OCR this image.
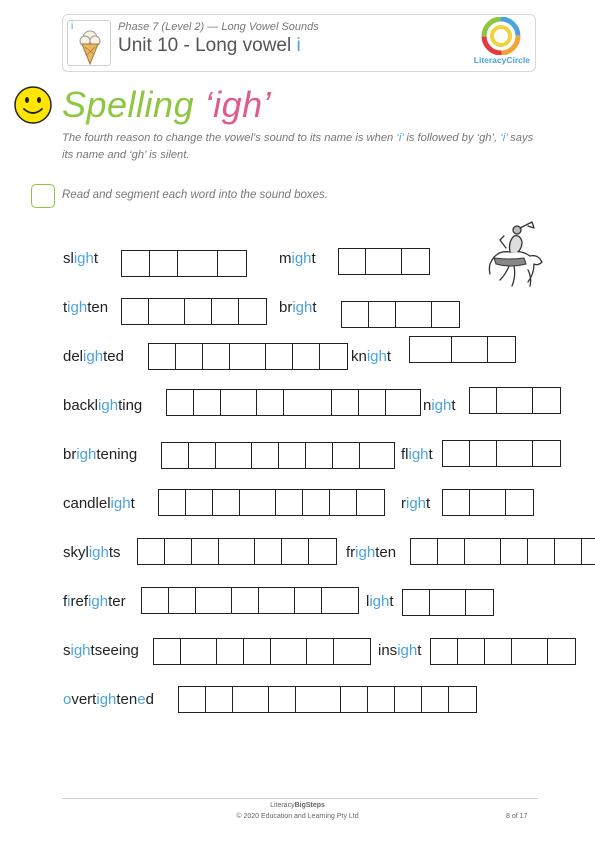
i	Phase 7 (Level 2) — Long Vowel Sounds
Unit 10 - Long vowel i
LiteracyCircle
Spelling ‘igh’
The fourth reason to change the vowel’s sound to its name is when ‘i’ is followed by ‘gh’, ‘i’ says its name and ‘gh’ is silent.
Read and segment each word into the sound boxes.
slight	might
tighten	bright
delighted	knight
backlighting	night
brightening	flight
candlelight	right
skylights	frighten
firefighter	light
sightseeing	insight
overtightened
LiteracyBigSteps
© 2020 Education and Learning Pty Ltd	8 of 17
